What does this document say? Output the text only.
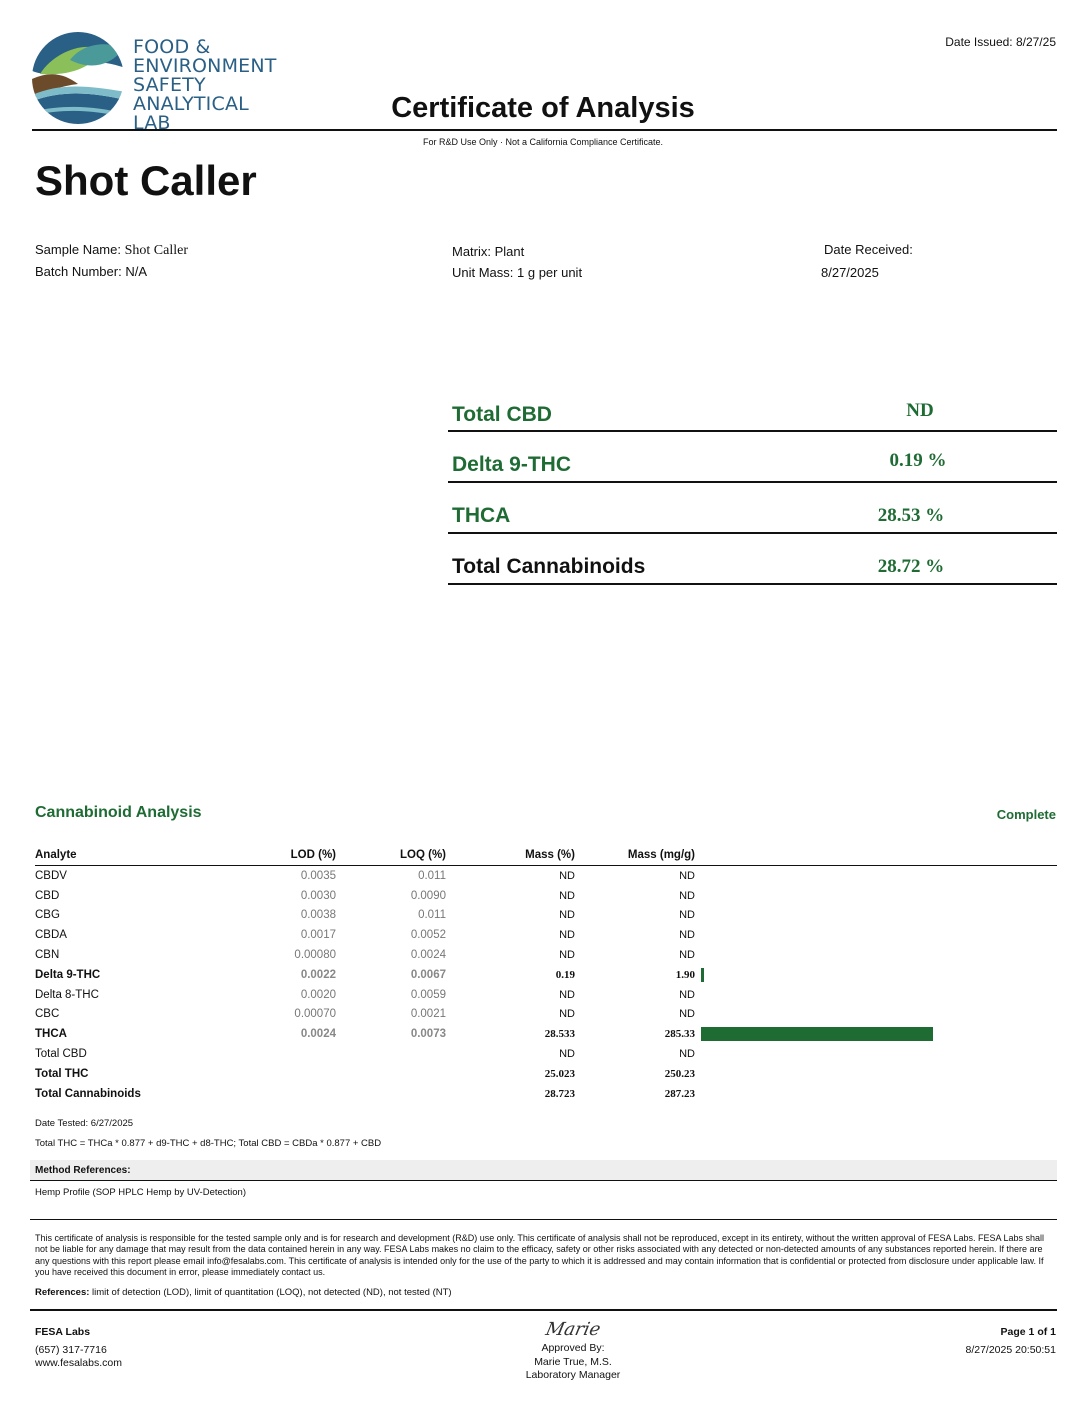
FOOD &
ENVIRONMENT
SAFETY
ANALYTICAL LAB
Date Issued: 8/27/25
Certificate of Analysis
For R&D Use Only · Not a California Compliance Certificate.
Shot Caller
Sample Name: Shot Caller
Batch Number: N/A
Matrix: Plant
Unit Mass: 1 g per unit
Date Received:
8/27/2025
Total CBD	ND
Delta 9-THC	0.19 %
THCA	28.53 %
Total Cannabinoids	28.72 %
Cannabinoid Analysis	Complete
Analyte	LOD (%)	LOQ (%)	Mass (%)	Mass (mg/g)	
CBDV	0.0035	0.011	ND	ND	
CBD	0.0030	0.0090	ND	ND	
CBG	0.0038	0.011	ND	ND	
CBDA	0.0017	0.0052	ND	ND	
CBN	0.00080	0.0024	ND	ND	
Delta 9-THC	0.0022	0.0067	0.19	1.90	

Delta 8-THC	0.0020	0.0059	ND	ND	
CBC	0.00070	0.0021	ND	ND	
THCA	0.0024	0.0073	28.533	285.33	

Total CBD			ND	ND	
Total THC			25.023	250.23	
Total Cannabinoids			28.723	287.23	
Date Tested: 6/27/2025
Total THC = THCa * 0.877 + d9-THC + d8-THC; Total CBD = CBDa * 0.877 + CBD
Method References:
Hemp Profile (SOP HPLC Hemp by UV-Detection)
This certificate of analysis is responsible for the tested sample only and is for research and development (R&D) use only. This certificate of analysis shall not be reproduced, except in its entirety, without the written approval of FESA Labs. FESA Labs shall not be liable for any damage that may result from the data contained herein in any way. FESA Labs makes no claim to the efficacy, safety or other risks associated with any detected or non-detected amounts of any substances reported herein. If there are any questions with this report please email info@fesalabs.com. This certificate of analysis is intended only for the use of the party to which it is addressed and may contain information that is confidential or protected from disclosure under applicable law. If you have received this document in error, please immediately contact us.
References: limit of detection (LOD), limit of quantitation (LOQ), not detected (ND), not tested (NT)
FESA Labs
(657) 317-7716
www.fesalabs.com
Marie
Approved By:
Marie True, M.S.
Laboratory Manager
Page 1 of 1
8/27/2025 20:50:51
